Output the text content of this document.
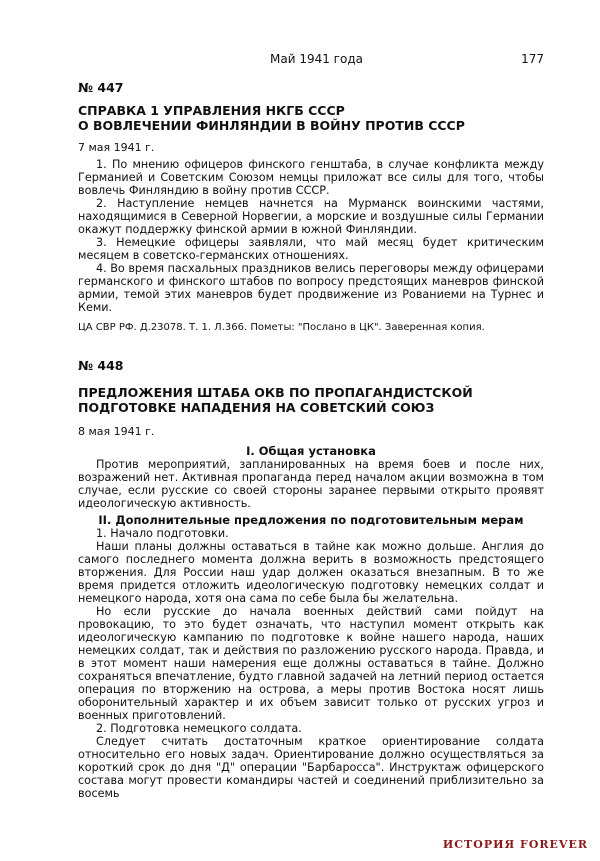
Май 1941 года	177
№ 447
СПРАВКА 1 УПРАВЛЕНИЯ НКГБ СССР
О ВОВЛЕЧЕНИИ ФИНЛЯНДИИ В ВОЙНУ ПРОТИВ СССР
7 мая 1941 г.

1. По мнению офицеров финского генштаба, в случае конфликта между Германией и Советским Союзом немцы приложат все силы для того, чтобы вовлечь Финляндию в войну против СССР.

2. Наступление немцев начнется на Мурманск воинскими частями, находящимися в Северной Норвегии, а морские и воздушные силы Германии окажут поддержку финской армии в южной Финляндии.

3. Немецкие офицеры заявляли, что май месяц будет критическим месяцем в советско-германских отношениях.

4. Во время пасхальных праздников велись переговоры между офицерами германского и финского штабов по вопросу предстоящих маневров финской армии, темой этих маневров будет продвижение из Рованиеми на Турнес и Кеми.

ЦА СВР РФ. Д.23078. Т. 1. Л.366. Пометы: "Послано в ЦК". Заверенная копия.
№ 448
ПРЕДЛОЖЕНИЯ ШТАБА ОКВ ПО ПРОПАГАНДИСТСКОЙ
ПОДГОТОВКЕ НАПАДЕНИЯ НА СОВЕТСКИЙ СОЮЗ
8 мая 1941 г.
I. Общая установка

Против мероприятий, запланированных на время боев и после них, возражений нет. Активная пропаганда перед началом акции возможна в том случае, если русские со своей стороны заранее первыми открыто проявят идеологическую активность.

II. Дополнительные предложения по подготовительным мерам

1. Начало подготовки.

Наши планы должны оставаться в тайне как можно дольше. Англия до самого последнего момента должна верить в возможность предстоящего вторжения. Для России наш удар должен оказаться внезапным. В то же время придется отложить идеологическую подготовку немецких солдат и немецкого народа, хотя она сама по себе была бы желательна.

Но если русские до начала военных действий сами пойдут на провокацию, то это будет означать, что наступил момент открыть как идеологическую кампанию по подготовке к войне нашего народа, наших немецких солдат, так и действия по разложению русского народа. Правда, и в этот момент наши намерения еще должны оставаться в тайне. Должно сохраняться впечатление, будто главной задачей на летний период остается операция по вторжению на острова, а меры против Востока носят лишь оборонительный характер и их объем зависит только от русских угроз и военных приготовлений.

2. Подготовка немецкого солдата.

Следует считать достаточным краткое ориентирование солдата относительно его новых задач. Ориентирование должно осуществляться за короткий срок до дня "Д" операции "Барбаросса". Инструктаж офицерского состава могут провести командиры частей и соединений приблизительно за восемь

ИСТОРИЯ FOREVER
